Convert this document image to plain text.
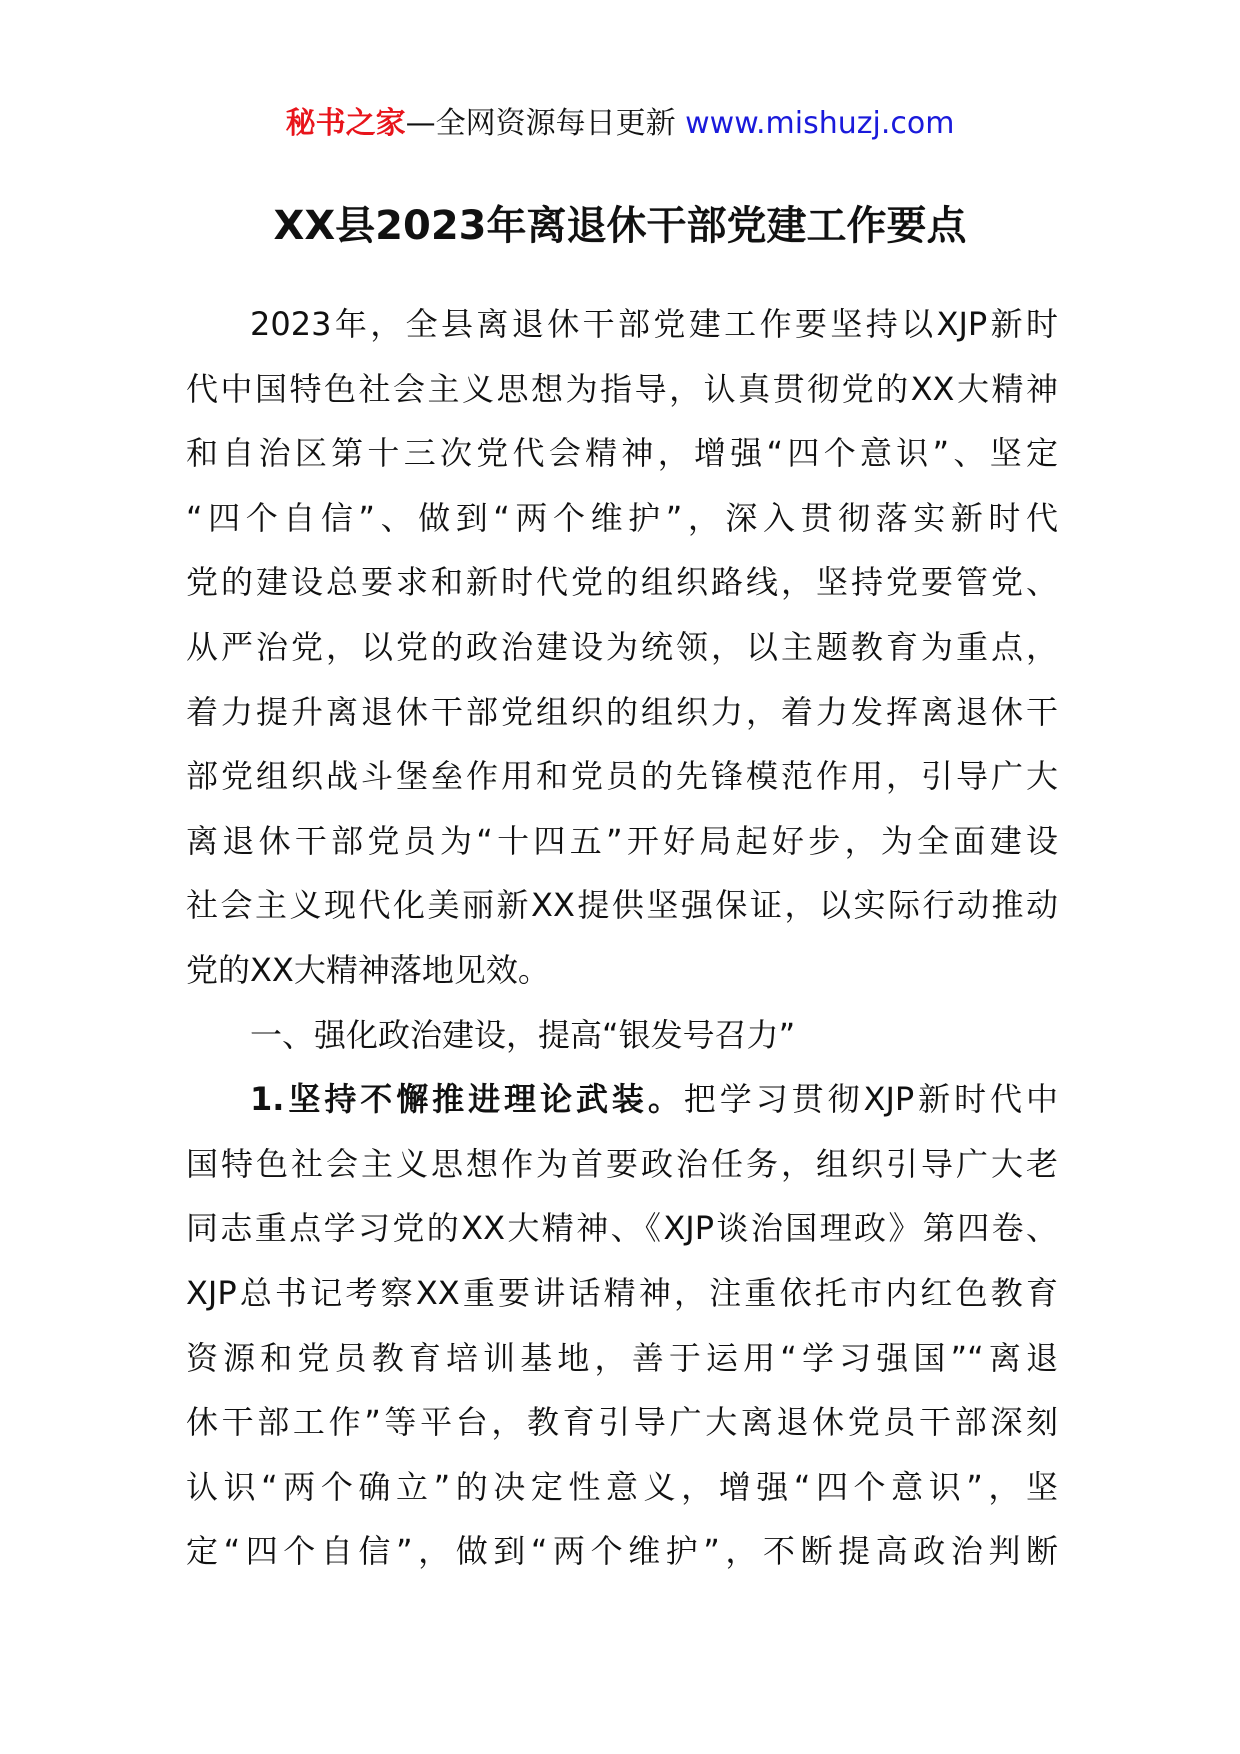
秘书之家—全网资源每日更新 www.mishuzj.com
XX县2023年离退休干部党建工作要点
2023年，全县离退休干部党建工作要坚持以XJP新时
代中国特色社会主义思想为指导，认真贯彻党的XX大精神
和自治区第十三次党代会精神，增强“四个意识”、坚定
“四个自信”、做到“两个维护”，深入贯彻落实新时代
党的建设总要求和新时代党的组织路线，坚持党要管党、
从严治党，以党的政治建设为统领，以主题教育为重点，
着力提升离退休干部党组织的组织力，着力发挥离退休干
部党组织战斗堡垒作用和党员的先锋模范作用，引导广大
离退休干部党员为“十四五”开好局起好步，为全面建设
社会主义现代化美丽新XX提供坚强保证，以实际行动推动
党的XX大精神落地见效。
一、强化政治建设，提高“银发号召力”
1.坚持不懈推进理论武装。把学习贯彻XJP新时代中
国特色社会主义思想作为首要政治任务，组织引导广大老
同志重点学习党的XX大精神、《XJP谈治国理政》第四卷、
XJP总书记考察XX重要讲话精神，注重依托市内红色教育
资源和党员教育培训基地，善于运用“学习强国”“离退
休干部工作”等平台，教育引导广大离退休党员干部深刻
认识“两个确立”的决定性意义，增强“四个意识”，坚
定“四个自信”，做到“两个维护”，不断提高政治判断
